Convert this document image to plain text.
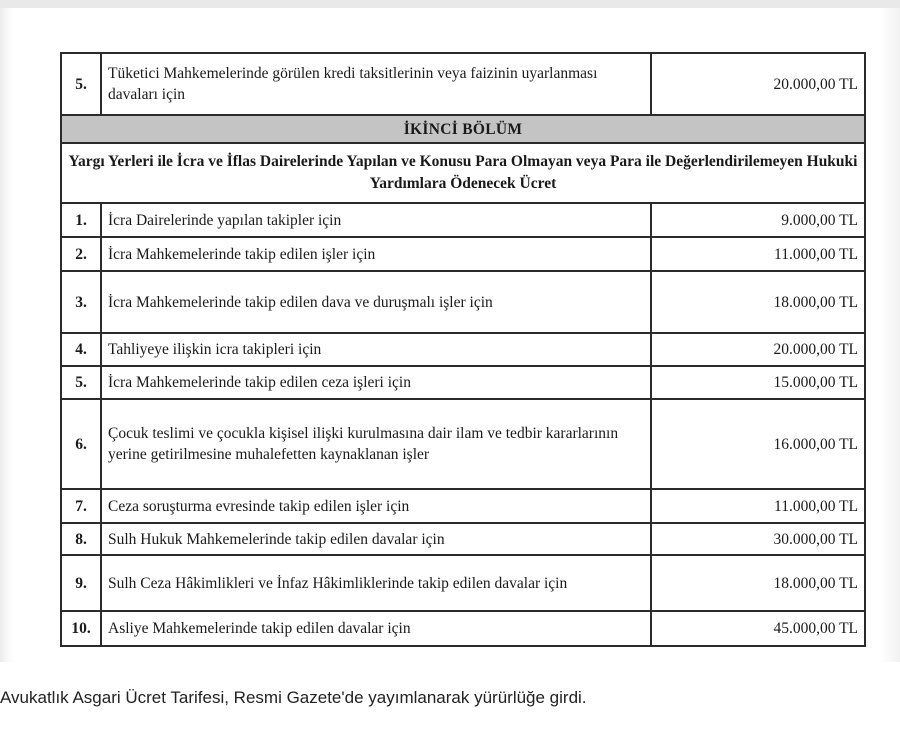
5.	Tüketici Mahkemelerinde görülen kredi taksitlerinin veya faizinin uyarlanması davaları için	20.000,00 TL
İKİNCİ BÖLÜM		
Yargı Yerleri ile İcra ve İflas Dairelerinde Yapılan ve Konusu Para Olmayan veya Para ile Değerlendirilemeyen Hukuki Yardımlara Ödenecek Ücret		
1.	İcra Dairelerinde yapılan takipler için	9.000,00 TL
2.	İcra Mahkemelerinde takip edilen işler için	11.000,00 TL
3.	İcra Mahkemelerinde takip edilen dava ve duruşmalı işler için	18.000,00 TL
4.	Tahliyeye ilişkin icra takipleri için	20.000,00 TL
5.	İcra Mahkemelerinde takip edilen ceza işleri için	15.000,00 TL
6.	Çocuk teslimi ve çocukla kişisel ilişki kurulmasına dair ilam ve tedbir kararlarının yerine getirilmesine muhalefetten kaynaklanan işler	16.000,00 TL
7.	Ceza soruşturma evresinde takip edilen işler için	11.000,00 TL
8.	Sulh Hukuk Mahkemelerinde takip edilen davalar için	30.000,00 TL
9.	Sulh Ceza Hâkimlikleri ve İnfaz Hâkimliklerinde takip edilen davalar için	18.000,00 TL
10.	Asliye Mahkemelerinde takip edilen davalar için	45.000,00 TL
Avukatlık Asgari Ücret Tarifesi, Resmi Gazete'de yayımlanarak yürürlüğe girdi.
